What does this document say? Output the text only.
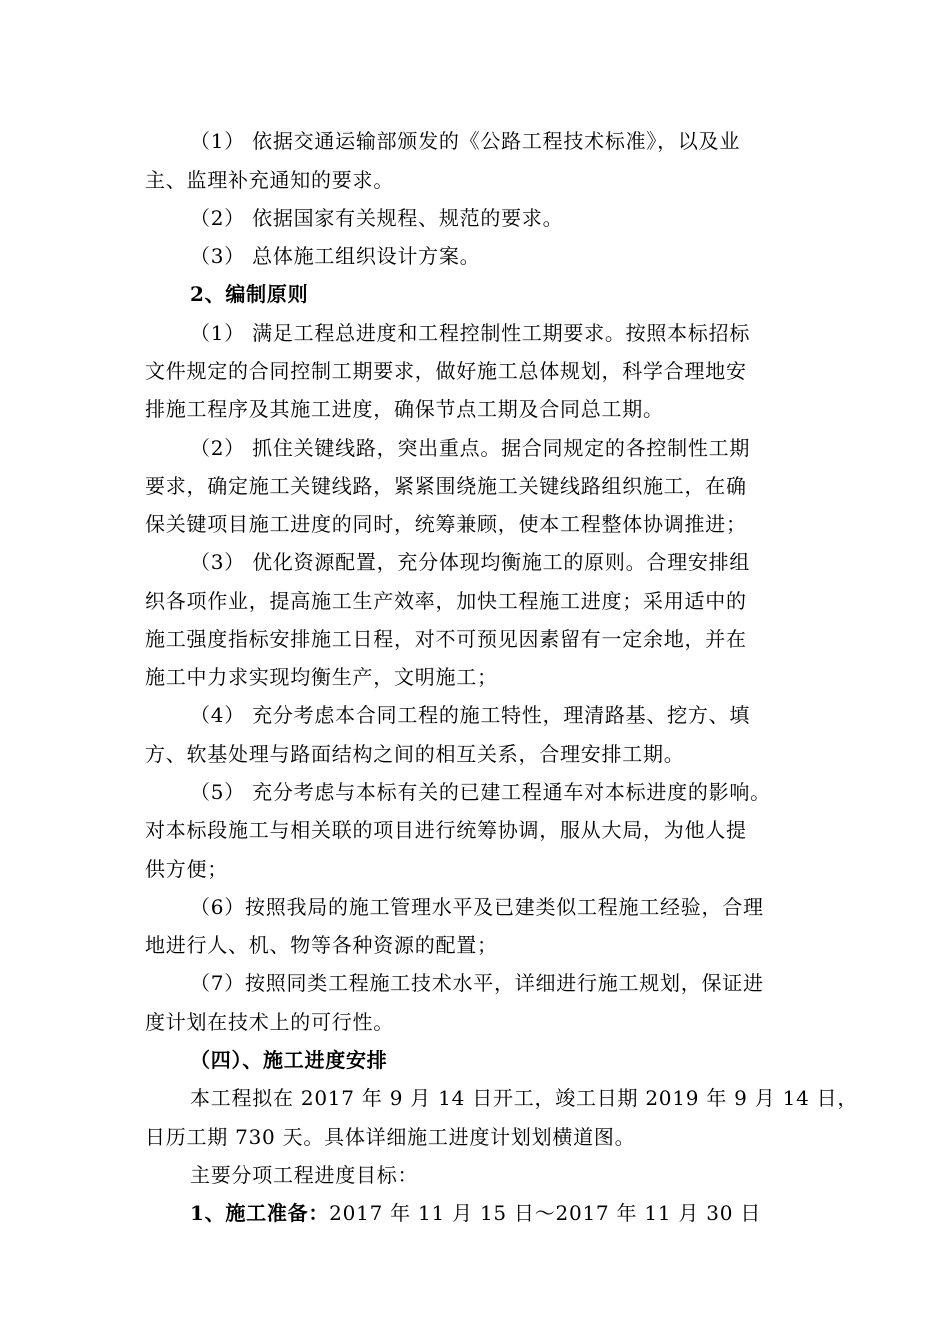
（1） 依据交通运输部颁发的《公路工程技术标准》，以及业
主、监理补充通知的要求。
（2） 依据国家有关规程、规范的要求。
（3） 总体施工组织设计方案。
2、编制原则
（1） 满足工程总进度和工程控制性工期要求。按照本标招标
文件规定的合同控制工期要求，做好施工总体规划，科学合理地安
排施工程序及其施工进度，确保节点工期及合同总工期。
（2） 抓住关键线路，突出重点。据合同规定的各控制性工期
要求，确定施工关键线路，紧紧围绕施工关键线路组织施工，在确
保关键项目施工进度的同时，统筹兼顾，使本工程整体协调推进；
（3） 优化资源配置，充分体现均衡施工的原则。合理安排组
织各项作业，提高施工生产效率，加快工程施工进度；采用适中的
施工强度指标安排施工日程，对不可预见因素留有一定余地，并在
施工中力求实现均衡生产，文明施工；
（4） 充分考虑本合同工程的施工特性，理清路基、挖方、填
方、软基处理与路面结构之间的相互关系，合理安排工期。
（5） 充分考虑与本标有关的已建工程通车对本标进度的影响。
对本标段施工与相关联的项目进行统筹协调，服从大局，为他人提
供方便；
（6）按照我局的施工管理水平及已建类似工程施工经验，合理
地进行人、机、物等各种资源的配置；
（7）按照同类工程施工技术水平，详细进行施工规划，保证进
度计划在技术上的可行性。
（四）、施工进度安排
本工程拟在 2017 年 9 月 14 日开工，竣工日期 2019 年 9 月 14 日，
日历工期 730 天。具体详细施工进度计划划横道图。
主要分项工程进度目标：
1、施工准备：2017 年 11 月 15 日～2017 年 11 月 30 日
